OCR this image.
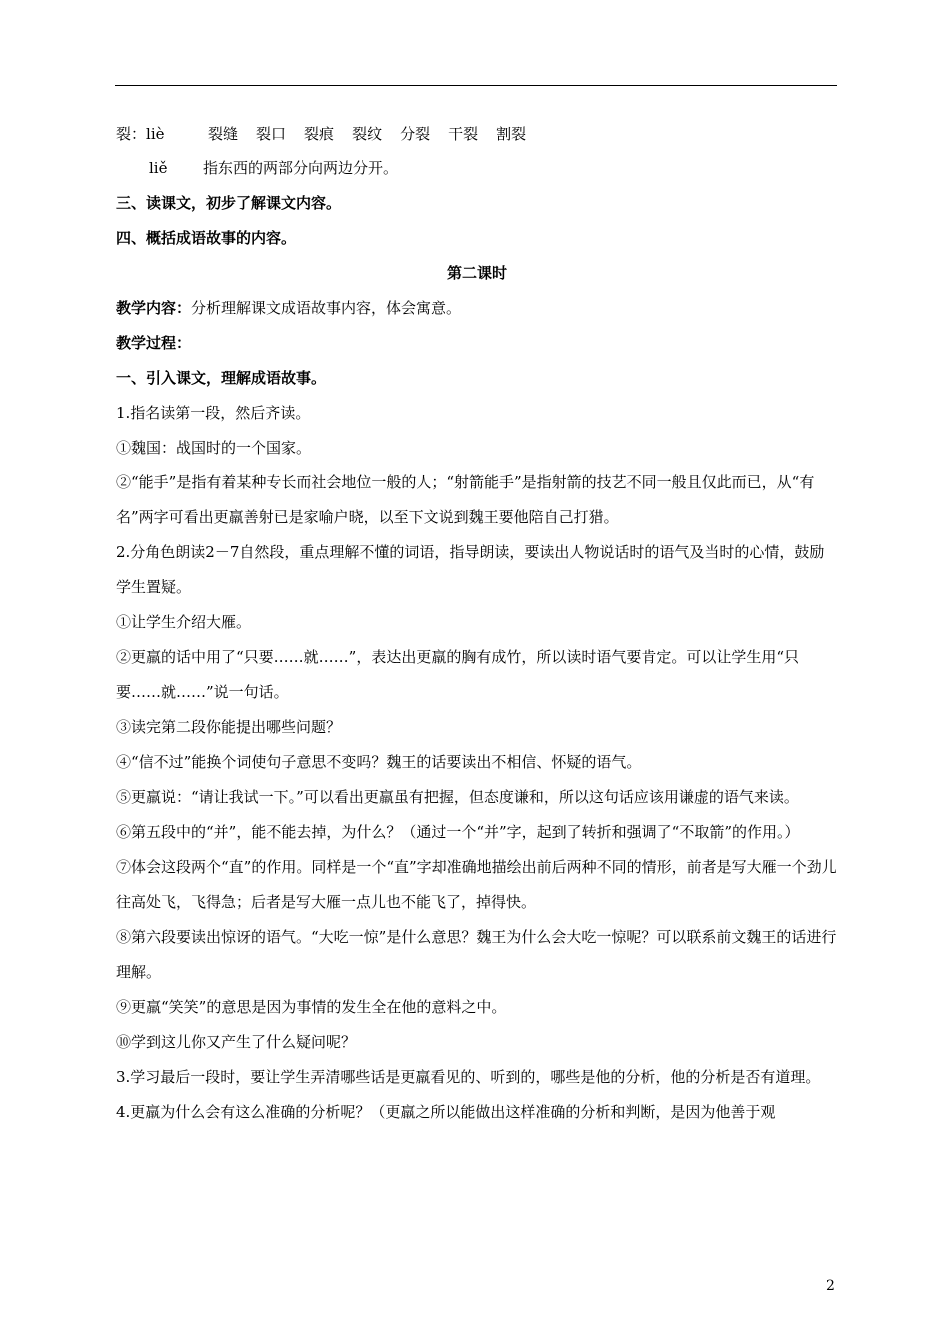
裂：liè	裂缝 裂口 裂痕 裂纹 分裂 干裂 割裂

liě 指东西的两部分向两边分开。

三、读课文，初步了解课文内容。

四、概括成语故事的内容。

第二课时

教学内容：分析理解课文成语故事内容，体会寓意。

教学过程：

一、引入课文，理解成语故事。

1.指名读第一段，然后齐读。

①魏国：战国时的一个国家。

②“能手”是指有着某种专长而社会地位一般的人；“射箭能手”是指射箭的技艺不同一般且仅此而已，从“有名”两字可看出更羸善射已是家喻户晓，以至下文说到魏王要他陪自己打猎。

2.分角色朗读2－7自然段，重点理解不懂的词语，指导朗读，要读出人物说话时的语气及当时的心情，鼓励学生置疑。

①让学生介绍大雁。

②更羸的话中用了“只要……就……”，表达出更羸的胸有成竹，所以读时语气要肯定。可以让学生用“只要……就……”说一句话。

③读完第二段你能提出哪些问题？

④“信不过”能换个词使句子意思不变吗？魏王的话要读出不相信、怀疑的语气。

⑤更羸说：“请让我试一下。”可以看出更羸虽有把握，但态度谦和，所以这句话应该用谦虚的语气来读。

⑥第五段中的“并”，能不能去掉，为什么？（通过一个“并”字，起到了转折和强调了“不取箭”的作用。）

⑦体会这段两个“直”的作用。同样是一个“直”字却准确地描绘出前后两种不同的情形，前者是写大雁一个劲儿往高处飞，飞得急；后者是写大雁一点儿也不能飞了，掉得快。

⑧第六段要读出惊讶的语气。“大吃一惊”是什么意思？魏王为什么会大吃一惊呢？可以联系前文魏王的话进行理解。

⑨更羸“笑笑”的意思是因为事情的发生全在他的意料之中。

⑩学到这儿你又产生了什么疑问呢？

3.学习最后一段时，要让学生弄清哪些话是更羸看见的、听到的，哪些是他的分析，他的分析是否有道理。

4.更羸为什么会有这么准确的分析呢？（更羸之所以能做出这样准确的分析和判断，是因为他善于观

2
